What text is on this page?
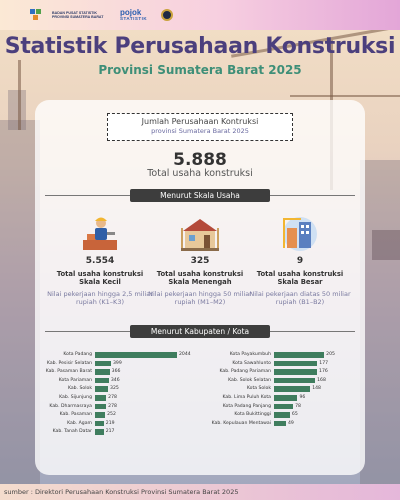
BADAN PUSAT STATISTIK
PROVINSI SUMATERA BARAT	pojok
STATISTIK
Statistik Perusahaan Konstruksi
Provinsi Sumatera Barat 2025
Jumlah Perusahaan Kontruksi
provinsi Sumatera Barat 2025
5.888
Total usaha konstruksi
Menurut Skala Usaha
5.554
Total usaha konstruksi
Skala Kecil
Nilai pekerjaan hingga 2,5 miliar rupiah (K1–K3)
325
Total usaha konstruksi
Skala Menengah
Nilai pekerjaan hingga 50 miliar rupiah (M1–M2)
9
Total usaha konstruksi
Skala Besar
Nilai pekerjaan diatas 50 miliar rupiah (B1–B2)
Menurut Kabupaten / Kota
Kota Padang	2044
Kab. Pesisir Selatan	399
Kab. Pasaman Barat	366
Kota Pariaman	346
Kab. Solok	325
Kab. Sijunjung	278
Kab. Dharmasraya	278
Kab. Pasaman	252
Kab. Agam	219
Kab. Tanah Datar	217
Kota Payakumbuh	205
Kota Sawahlunto	177
Kab. Padang Pariaman	176
Kab. Solok Selatan	168
Kota Solok	148
Kab. Lima Puluh Kota	96
Kota Padang Panjang	78
Kota Bukittinggi	65
Kab. Kepulauan Mentawai	49
sumber : Direktori Perusahaan Konstruksi Provinsi Sumatera Barat 2025
